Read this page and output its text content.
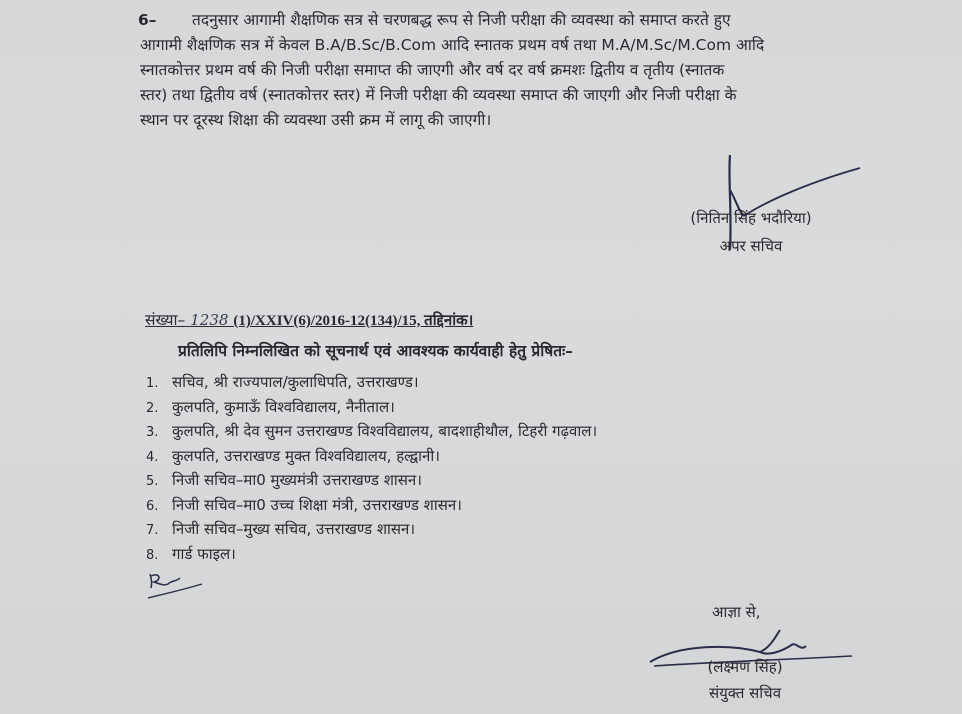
6–	तदनुसार आगामी शैक्षणिक सत्र से चरणबद्ध रूप से निजी परीक्षा की व्यवस्था को समाप्त करते हुए
आगामी शैक्षणिक सत्र में केवल B.A/B.Sc/B.Com आदि स्नातक प्रथम वर्ष तथा M.A/M.Sc/M.Com आदि
स्नातकोत्तर प्रथम वर्ष की निजी परीक्षा समाप्त की जाएगी और वर्ष दर वर्ष क्रमशः द्वितीय व तृतीय (स्नातक
स्तर) तथा द्वितीय वर्ष (स्नातकोत्तर स्तर) में निजी परीक्षा की व्यवस्था समाप्त की जाएगी और निजी परीक्षा के
स्थान पर दूरस्थ शिक्षा की व्यवस्था उसी क्रम में लागू की जाएगी।
(नितिन सिंह भदौरिया)
अपर सचिव
संख्या– 1238 (1)/XXIV(6)/2016-12(134)/15, तद्दिनांक।
प्रतिलिपि निम्नलिखित को सूचनार्थ एवं आवश्यक कार्यवाही हेतु प्रेषितः–
1. सचिव, श्री राज्यपाल/कुलाधिपति, उत्तराखण्ड।
2. कुलपति, कुमाऊँ विश्वविद्यालय, नैनीताल।
3. कुलपति, श्री देव सुमन उत्तराखण्ड विश्वविद्यालय, बादशाहीथौल, टिहरी गढ़वाल।
4. कुलपति, उत्तराखण्ड मुक्त विश्वविद्यालय, हल्द्वानी।
5. निजी सचिव–मा0 मुख्यमंत्री उत्तराखण्ड शासन।
6. निजी सचिव–मा0 उच्च शिक्षा मंत्री, उत्तराखण्ड शासन।
7. निजी सचिव–मुख्य सचिव, उत्तराखण्ड शासन।
8. गार्ड फाइल।
आज्ञा से,
(लक्ष्मण सिंह)
संयुक्त सचिव
